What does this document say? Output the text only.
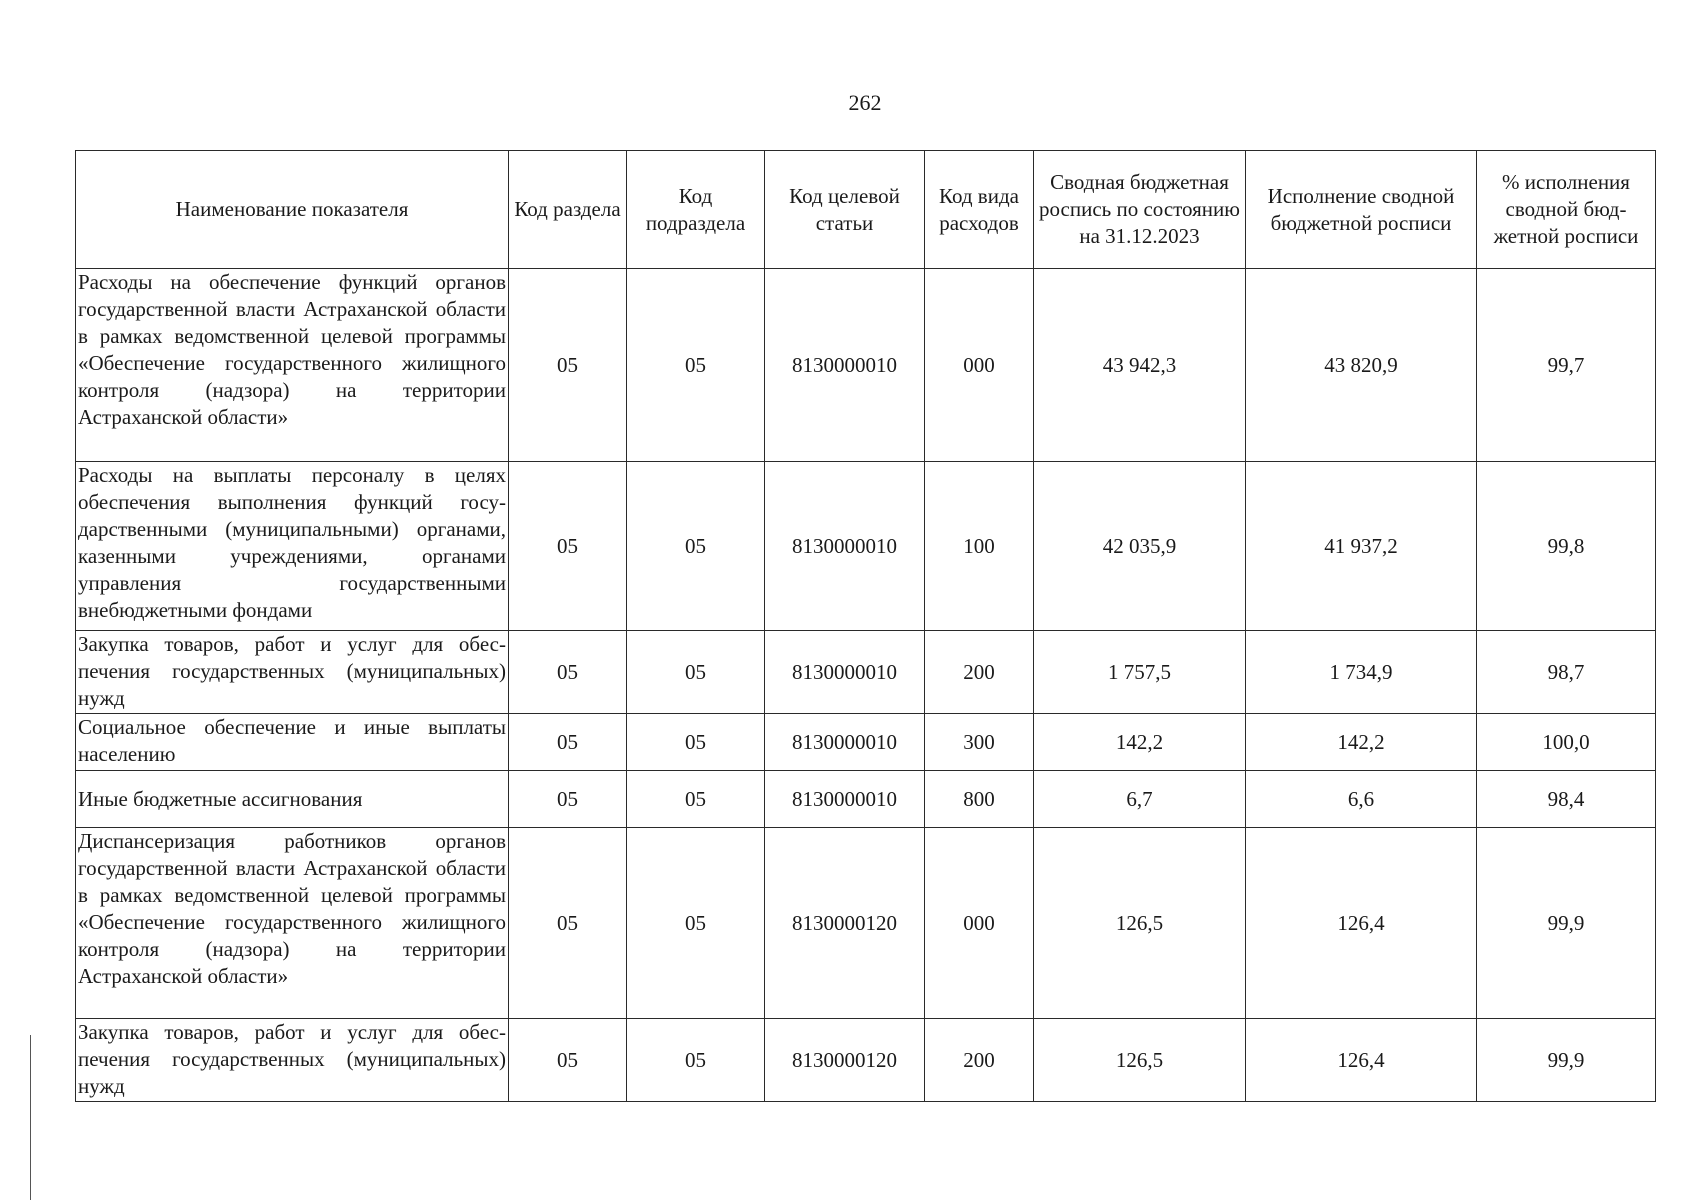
262
Наименование показателя	Код раздела	Код подраздела	Код целевой статьи	Код вида расходов	Сводная бюджетная роспись по состоянию на 31.12.2023	Исполнение сводной бюджетной росписи	% исполнения сводной бюджетной росписи
Расходы на обеспечение функций органов государственной власти Астраханской области в рамках ведомственной целевой программы «Обеспечение государственного жилищного контроля (надзора) на территории Астраханской области»	05	05	8130000010	000	43 942,3	43 820,9	99,7
Расходы на выплаты персоналу в целях обеспечения выполнения функций государственными (муниципальными) органами, казенными учреждениями, органами управления государственными внебюджетными фондами	05	05	8130000010	100	42 035,9	41 937,2	99,8
Закупка товаров, работ и услуг для обеспечения государственных (муниципальных) нужд	05	05	8130000010	200	1 757,5	1 734,9	98,7
Социальное обеспечение и иные выплаты населению	05	05	8130000010	300	142,2	142,2	100,0
Иные бюджетные ассигнования	05	05	8130000010	800	6,7	6,6	98,4
Диспансеризация работников органов государственной власти Астраханской области в рамках ведомственной целевой программы «Обеспечение государственного жилищного контроля (надзора) на территории Астраханской области»	05	05	8130000120	000	126,5	126,4	99,9
Закупка товаров, работ и услуг для обеспечения государственных (муниципальных) нужд	05	05	8130000120	200	126,5	126,4	99,9
